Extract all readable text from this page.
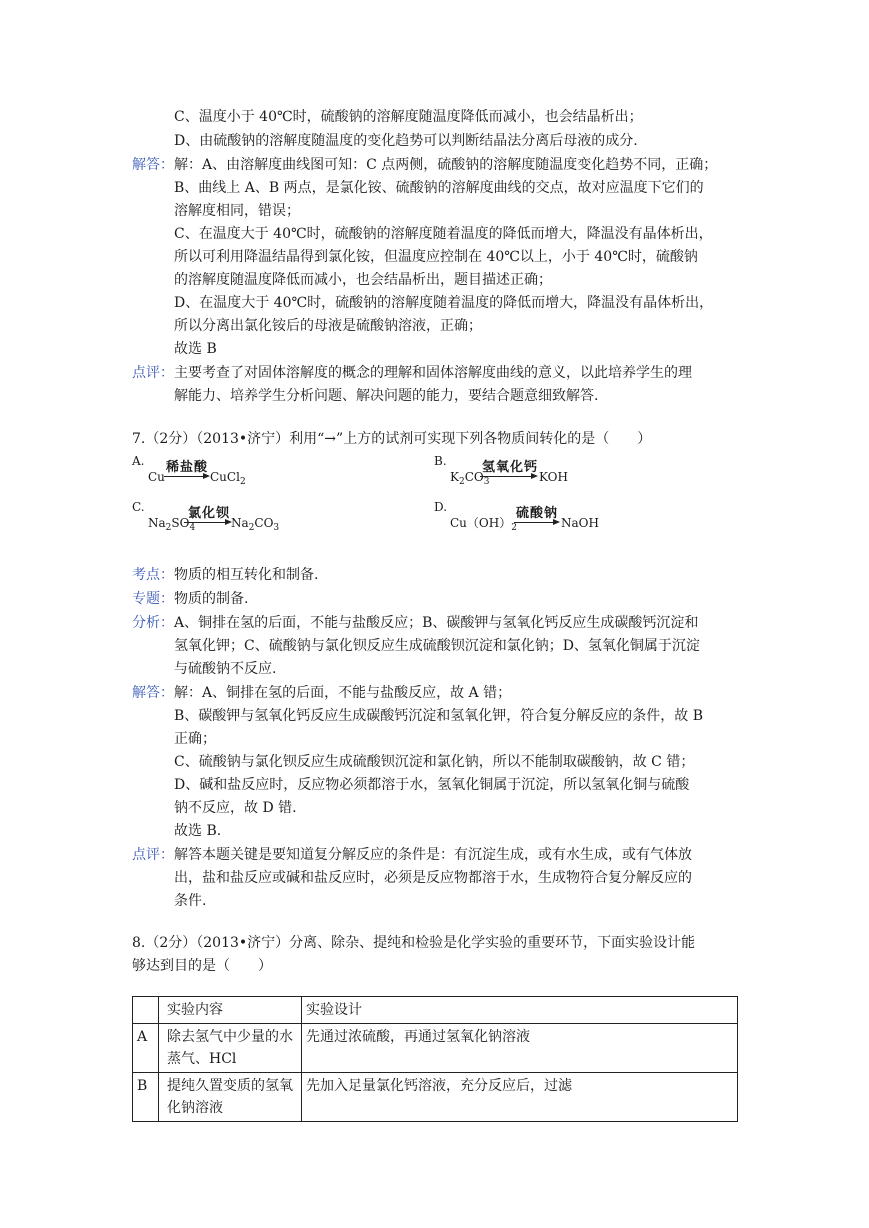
C、温度小于 40℃时，硫酸钠的溶解度随温度降低而减小，也会结晶析出；
D、由硫酸钠的溶解度随温度的变化趋势可以判断结晶法分离后母液的成分.
解答： 解：A、由溶解度曲线图可知：C 点两侧，硫酸钠的溶解度随温度变化趋势不同，正确；
B、曲线上 A、B 两点，是氯化铵、硫酸钠的溶解度曲线的交点，故对应温度下它们的
溶解度相同，错误；
C、在温度大于 40℃时，硫酸钠的溶解度随着温度的降低而增大，降温没有晶体析出，
所以可利用降温结晶得到氯化铵，但温度应控制在 40℃以上，小于 40℃时，硫酸钠
的溶解度随温度降低而减小，也会结晶析出，题目描述正确；
D、在温度大于 40℃时，硫酸钠的溶解度随着温度的降低而增大，降温没有晶体析出，
所以分离出氯化铵后的母液是硫酸钠溶液，正确；
故选 B
点评： 主要考查了对固体溶解度的概念的理解和固体溶解度曲线的意义，以此培养学生的理
解能力、培养学生分析问题、解决问题的能力，要结合题意细致解答.
7.（2分）（2013•济宁）利用“→”上方的试剂可实现下列各物质间转化的是（　　）
A.
Cu
稀盐酸
CuCl$_2$
B.
$K_2CO_3$
氢氧化钙
KOH
C.
$Na_2SO_4$
氯化钡
$Na_2CO_3$
D.
$Cu(OH)_2$
硫酸钠
NaOH
考点： 物质的相互转化和制备.
专题： 物质的制备.
分析： A、铜排在氢的后面，不能与盐酸反应；B、碳酸钾与氢氧化钙反应生成碳酸钙沉淀和
氢氧化钾；C、硫酸钠与氯化钡反应生成硫酸钡沉淀和氯化钠；D、氢氧化铜属于沉淀
与硫酸钠不反应.
解答： 解：A、铜排在氢的后面，不能与盐酸反应，故 A 错；
B、碳酸钾与氢氧化钙反应生成碳酸钙沉淀和氢氧化钾，符合复分解反应的条件，故 B
正确；
C、硫酸钠与氯化钡反应生成硫酸钡沉淀和氯化钠，所以不能制取碳酸钠，故 C 错；
D、碱和盐反应时，反应物必须都溶于水，氢氧化铜属于沉淀，所以氢氧化铜与硫酸
钠不反应，故 D 错.
故选 B.
点评： 解答本题关键是要知道复分解反应的条件是：有沉淀生成，或有水生成，或有气体放
出，盐和盐反应或碱和盐反应时，必须是反应物都溶于水，生成物符合复分解反应的
条件.
8.（2分）（2013•济宁）分离、除杂、提纯和检验是化学实验的重要环节，下面实验设计能
够达到目的是（　　）
	实验内容	实验设计
A	除去氢气中少量的水蒸气、HCl	先通过浓硫酸，再通过氢氧化钠溶液
B	提纯久置变质的氢氧化钠溶液	先加入足量氯化钙溶液，充分反应后，过滤
